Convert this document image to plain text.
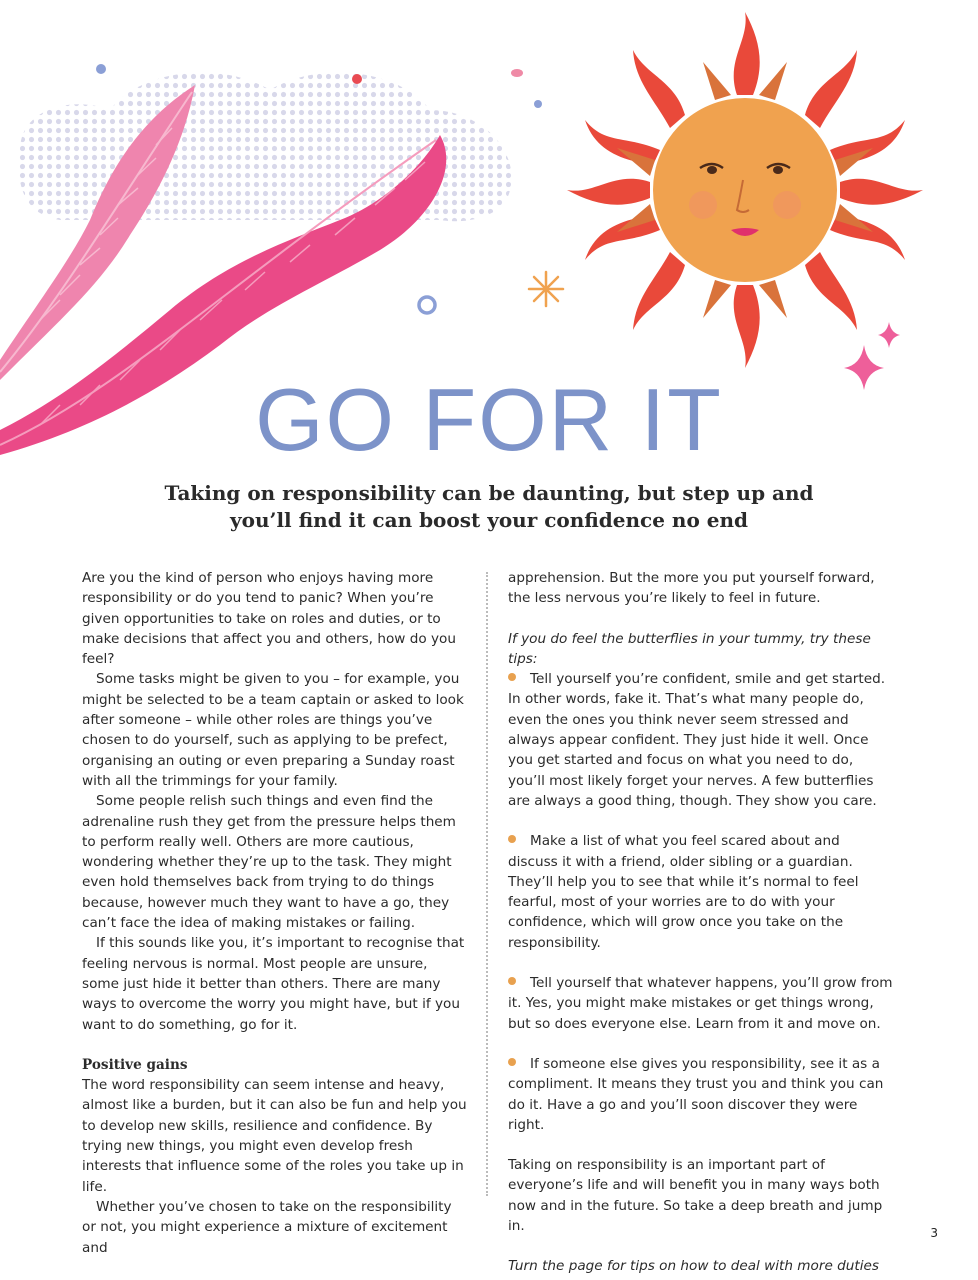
GO FOR IT

Taking on responsibility can be daunting, but step up and you’ll find it can boost your confidence no end

Are you the kind of person who enjoys having more responsibility or do you tend to panic? When you’re given opportunities to take on roles and duties, or to make decisions that affect you and others, how do you feel?

Some tasks might be given to you – for example, you might be selected to be a team captain or asked to look after someone – while other roles are things you’ve chosen to do yourself, such as applying to be prefect, organising an outing or even preparing a Sunday roast with all the trimmings for your family.

Some people relish such things and even find the adrenaline rush they get from the pressure helps them to perform really well. Others are more cautious, wondering whether they’re up to the task. They might even hold themselves back from trying to do things because, however much they want to have a go, they can’t face the idea of making mistakes or failing.

If this sounds like you, it’s important to recognise that feeling nervous is normal. Most people are unsure, some just hide it better than others. There are many ways to overcome the worry you might have, but if you want to do something, go for it.

Positive gains

The word responsibility can seem intense and heavy, almost like a burden, but it can also be fun and help you to develop new skills, resilience and confidence. By trying new things, you might even develop fresh interests that influence some of the roles you take up in life.

Whether you’ve chosen to take on the responsibility or not, you might experience a mixture of excitement and

apprehension. But the more you put yourself forward, the less nervous you’re likely to feel in future.

If you do feel the butterflies in your tummy, try these tips:

Tell yourself you’re confident, smile and get started. In other words, fake it. That’s what many people do, even the ones you think never seem stressed and always appear confident. They just hide it well. Once you get started and focus on what you need to do, you’ll most likely forget your nerves. A few butterflies are always a good thing, though. They show you care.

Make a list of what you feel scared about and discuss it with a friend, older sibling or a guardian. They’ll help you to see that while it’s normal to feel fearful, most of your worries are to do with your confidence, which will grow once you take on the responsibility.

Tell yourself that whatever happens, you’ll grow from it. Yes, you might make mistakes or get things wrong, but so does everyone else. Learn from it and move on.

If someone else gives you responsibility, see it as a compliment. It means they trust you and think you can do it. Have a go and you’ll soon discover they were right.

Taking on responsibility is an important part of everyone’s life and will benefit you in many ways both now and in the future. So take a deep breath and jump in.

Turn the page for tips on how to deal with more duties

3
